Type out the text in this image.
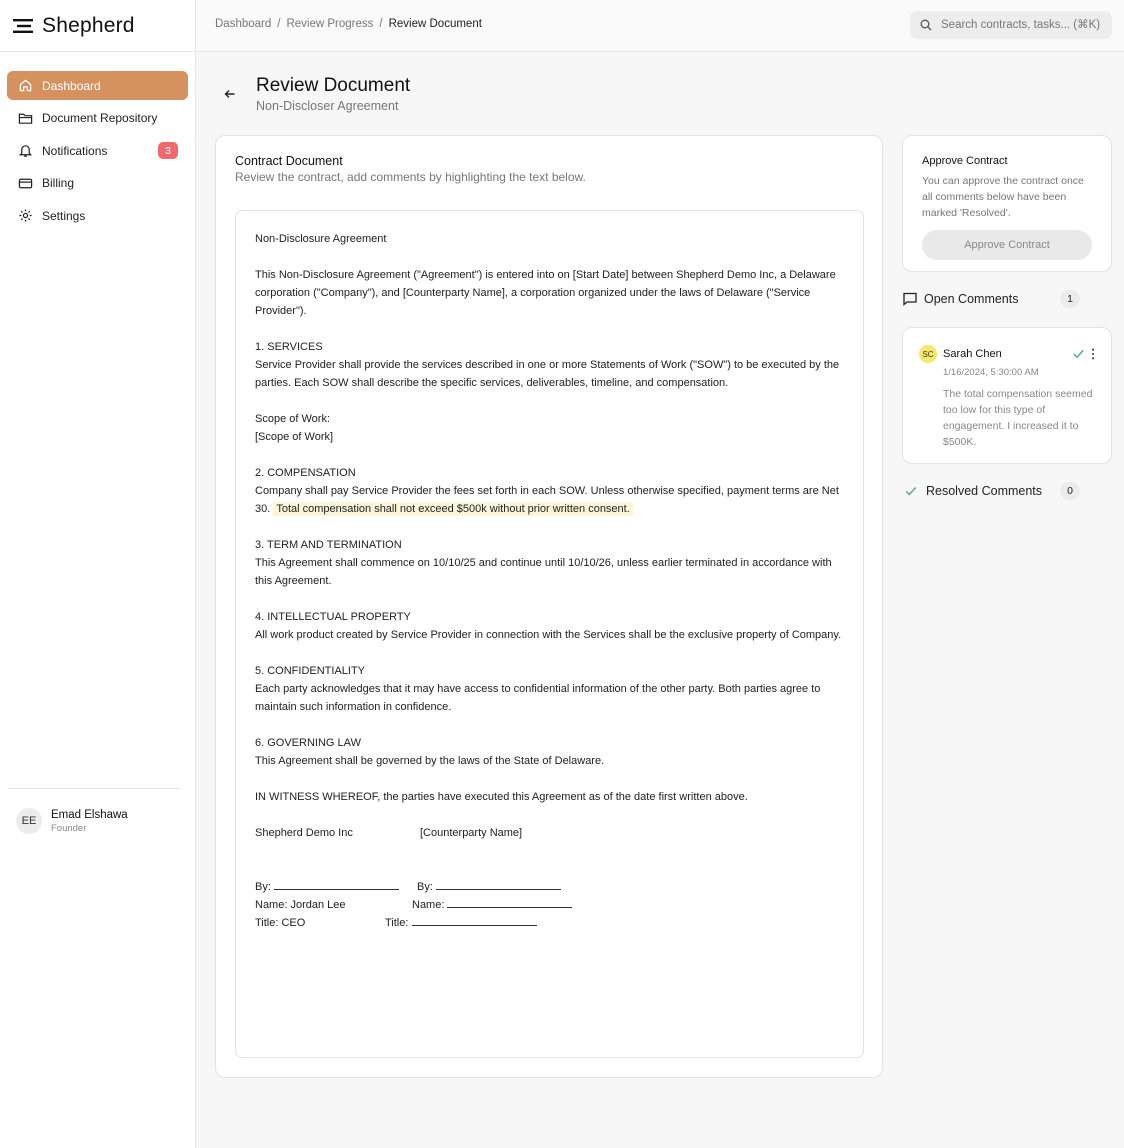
Shepherd
Dashboard
Document Repository
Notifications	3
Billing
Settings
EE
Emad Elshawa
Founder
Dashboard / Review Progress / Review Document
Search contracts, tasks... (⌘K)
Review Document
Non-Discloser Agreement
Contract Document
Review the contract, add comments by highlighting the text below.

Non-Disclosure Agreement

This Non-Disclosure Agreement ("Agreement") is entered into on [Start Date] between Shepherd Demo Inc, a Delaware corporation ("Company"), and [Counterparty Name], a corporation organized under the laws of Delaware ("Service Provider").

1. SERVICES
Service Provider shall provide the services described in one or more Statements of Work ("SOW") to be executed by the parties. Each SOW shall describe the specific services, deliverables, timeline, and compensation.

Scope of Work:
[Scope of Work]

2. COMPENSATION
Company shall pay Service Provider the fees set forth in each SOW. Unless otherwise specified, payment terms are Net 30. Total compensation shall not exceed $500k without prior written consent.

3. TERM AND TERMINATION
This Agreement shall commence on 10/10/25 and continue until 10/10/26, unless earlier terminated in accordance with this Agreement.

4. INTELLECTUAL PROPERTY
All work product created by Service Provider in connection with the Services shall be the exclusive property of Company.

5. CONFIDENTIALITY
Each party acknowledges that it may have access to confidential information of the other party. Both parties agree to maintain such information in confidence.

6. GOVERNING LAW
This Agreement shall be governed by the laws of the State of Delaware.

IN WITNESS WHEREOF, the parties have executed this Agreement as of the date first written above.

Shepherd Demo Inc	[Counterparty Name]
By:	By:
Name: Jordan Lee	Name:
Title: CEO	Title:
Approve Contract
You can approve the contract once all comments below have been marked 'Resolved'.
Approve Contract
Open Comments	1
SC Sarah Chen
1/16/2024, 5:30:00 AM
The total compensation seemed too low for this type of engagement. I increased it to $500K.
Resolved Comments	0
